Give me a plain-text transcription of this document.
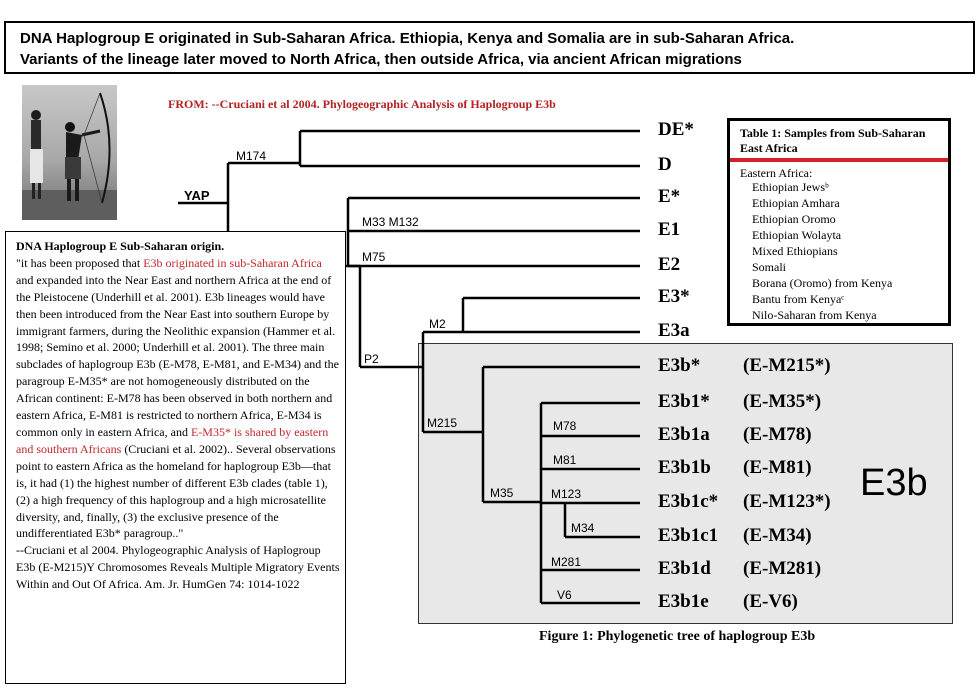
DNA Haplogroup E originated in Sub-Saharan Africa. Ethiopia, Kenya and Somalia are in sub-Saharan Africa.
Variants of the lineage later moved to North Africa, then outside Africa, via ancient African migrations
FROM: --Cruciani et al 2004. Phylogeographic Analysis of Haplogroup E3b
YAP
M174
M33 M132
M75
M2
P2
M215
M35
M78
M81
M123
M34
M281
V6
DE*
D
E*
E1
E2
E3*
E3a
E3b*
E3b1*
E3b1a
E3b1b
E3b1c*
E3b1c1
E3b1d
E3b1e
(E-M215*)
(E-M35*)
(E-M78)
(E-M81)
(E-M123*)
(E-M34)
(E-M281)
(E-V6)
E3b
Table 1: Samples from Sub-Saharan East Africa
Eastern Africa:
Ethiopian Jewsᵇ
Ethiopian Amhara
Ethiopian Oromo
Ethiopian Wolayta
Mixed Ethiopians
Somali
Borana (Oromo) from Kenya
Bantu from Kenyaᶜ
Nilo-Saharan from Kenya
DNA Haplogroup E Sub-Saharan origin.
"it has been proposed that E3b originated in sub-Saharan Africa and expanded into the Near East and northern Africa at the end of the Pleistocene (Underhill et al. 2001). E3b lineages would have then been introduced from the Near East into southern Europe by immigrant farmers, during the Neolithic expansion (Hammer et al. 1998; Semino et al. 2000; Underhill et al. 2001). The three main subclades of haplogroup E3b (E-M78, E-M81, and E-M34) and the paragroup E-M35* are not homogeneously distributed on the African continent: E-M78 has been observed in both northern and eastern Africa, E-M81 is restricted to northern Africa, E-M34 is common only in eastern Africa, and E-M35* is shared by eastern and southern Africans (Cruciani et al. 2002).. Several observations point to eastern Africa as the homeland for haplogroup E3b—that is, it had (1) the highest number of different E3b clades (table 1), (2) a high frequency of this haplogroup and a high microsatellite diversity, and, finally, (3) the exclusive presence of the undifferentiated E3b* paragroup.."
--Cruciani et al 2004. Phylogeographic Analysis of Haplogroup E3b (E-M215)Y Chromosomes Reveals Multiple Migratory Events Within and Out Of Africa. Am. Jr. HumGen 74: 1014-1022
Figure 1: Phylogenetic tree of haplogroup E3b
